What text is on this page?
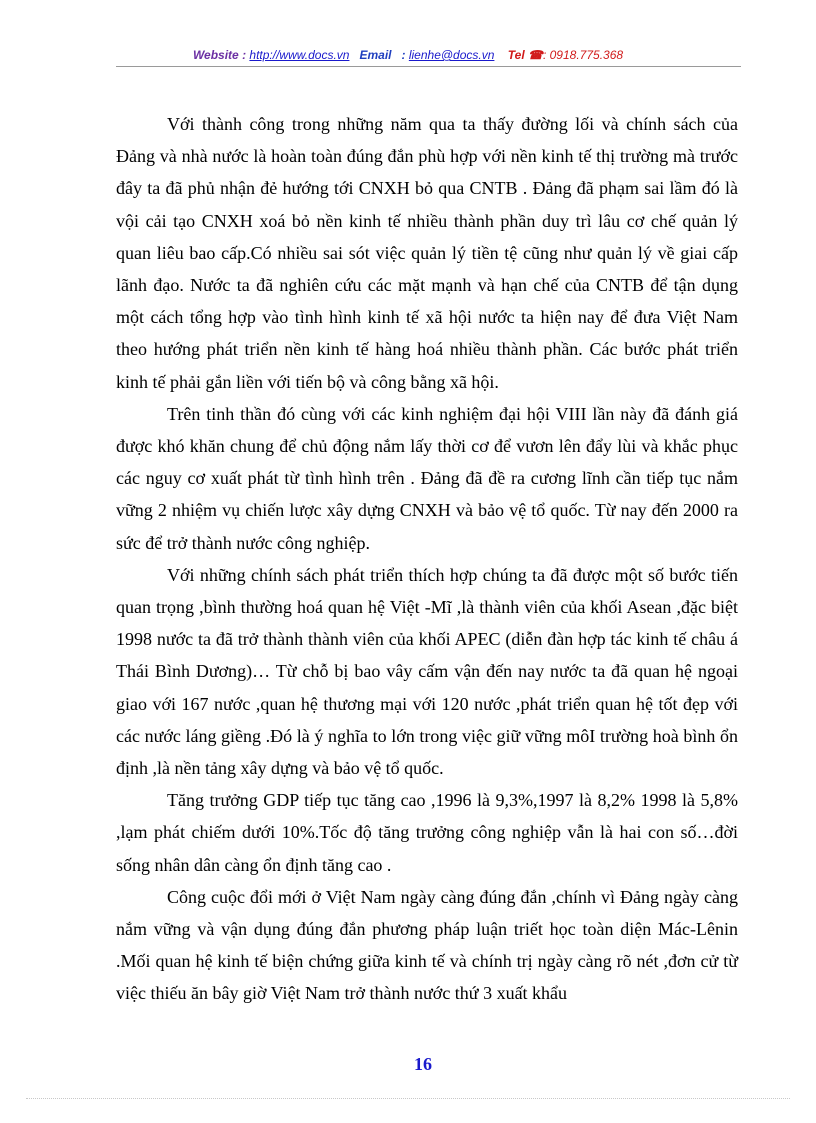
Website : http://www.docs.vn Email : lienhe@docs.vn Tel ☎: 0918.775.368

Với thành công trong những năm qua ta thấy đường lối và chính sách của Đảng và nhà nước là hoàn toàn đúng đắn phù hợp với nền kinh tế thị trường mà trước đây ta đã phủ nhận đẻ hướng tới CNXH bỏ qua CNTB . Đảng đã phạm sai lầm đó là vội cải tạo CNXH xoá bỏ nền kinh tế nhiều thành phần duy trì lâu cơ chế quản lý quan liêu bao cấp.Có nhiều sai sót việc quản lý tiền tệ cũng như quản lý về giai cấp lãnh đạo. Nước ta đã nghiên cứu các mặt mạnh và hạn chế của CNTB để tận dụng một cách tổng hợp vào tình hình kinh tế xã hội nước ta hiện nay để đưa Việt Nam theo hướng phát triển nền kinh tế hàng hoá nhiều thành phần. Các bước phát triển kinh tế phải gắn liền với tiến bộ và công bằng xã hội.

Trên tinh thần đó cùng với các kinh nghiệm đại hội VIII lần này đã đánh giá được khó khăn chung để chủ động nắm lấy thời cơ để vươn lên đẩy lùi và khắc phục các nguy cơ xuất phát từ tình hình trên . Đảng đã đề ra cương lĩnh cần tiếp tục nắm vững 2 nhiệm vụ chiến lược xây dựng CNXH và bảo vệ tổ quốc. Từ nay đến 2000 ra sức để trở thành nước công nghiệp.

Với những chính sách phát triển thích hợp chúng ta đã được một số bước tiến quan trọng ,bình thường hoá quan hệ Việt -Mĩ ,là thành viên của khối Asean ,đặc biệt 1998 nước ta đã trở thành thành viên của khối APEC (diễn đàn hợp tác kinh tế châu á Thái Bình Dương)… Từ chỗ bị bao vây cấm vận đến nay nước ta đã quan hệ ngoại giao với 167 nước ,quan hệ thương mại với 120 nước ,phát triển quan hệ tốt đẹp với các nước láng giềng .Đó là ý nghĩa to lớn trong việc giữ vững môI trường hoà bình ổn định ,là nền tảng xây dựng và bảo vệ tổ quốc.

Tăng trưởng GDP tiếp tục tăng cao ,1996 là 9,3%,1997 là 8,2% 1998 là 5,8% ,lạm phát chiếm dưới 10%.Tốc độ tăng trưởng công nghiệp vẫn là hai con số…đời sống nhân dân càng ổn định tăng cao .

Công cuộc đổi mới ở Việt Nam ngày càng đúng đắn ,chính vì Đảng ngày càng nắm vững và vận dụng đúng đắn phương pháp luận triết học toàn diện Mác-Lênin .Mối quan hệ kinh tế biện chứng giữa kinh tế và chính trị ngày càng rõ nét ,đơn cử từ việc thiếu ăn bây giờ Việt Nam trở thành nước thứ 3 xuất khẩu

16
